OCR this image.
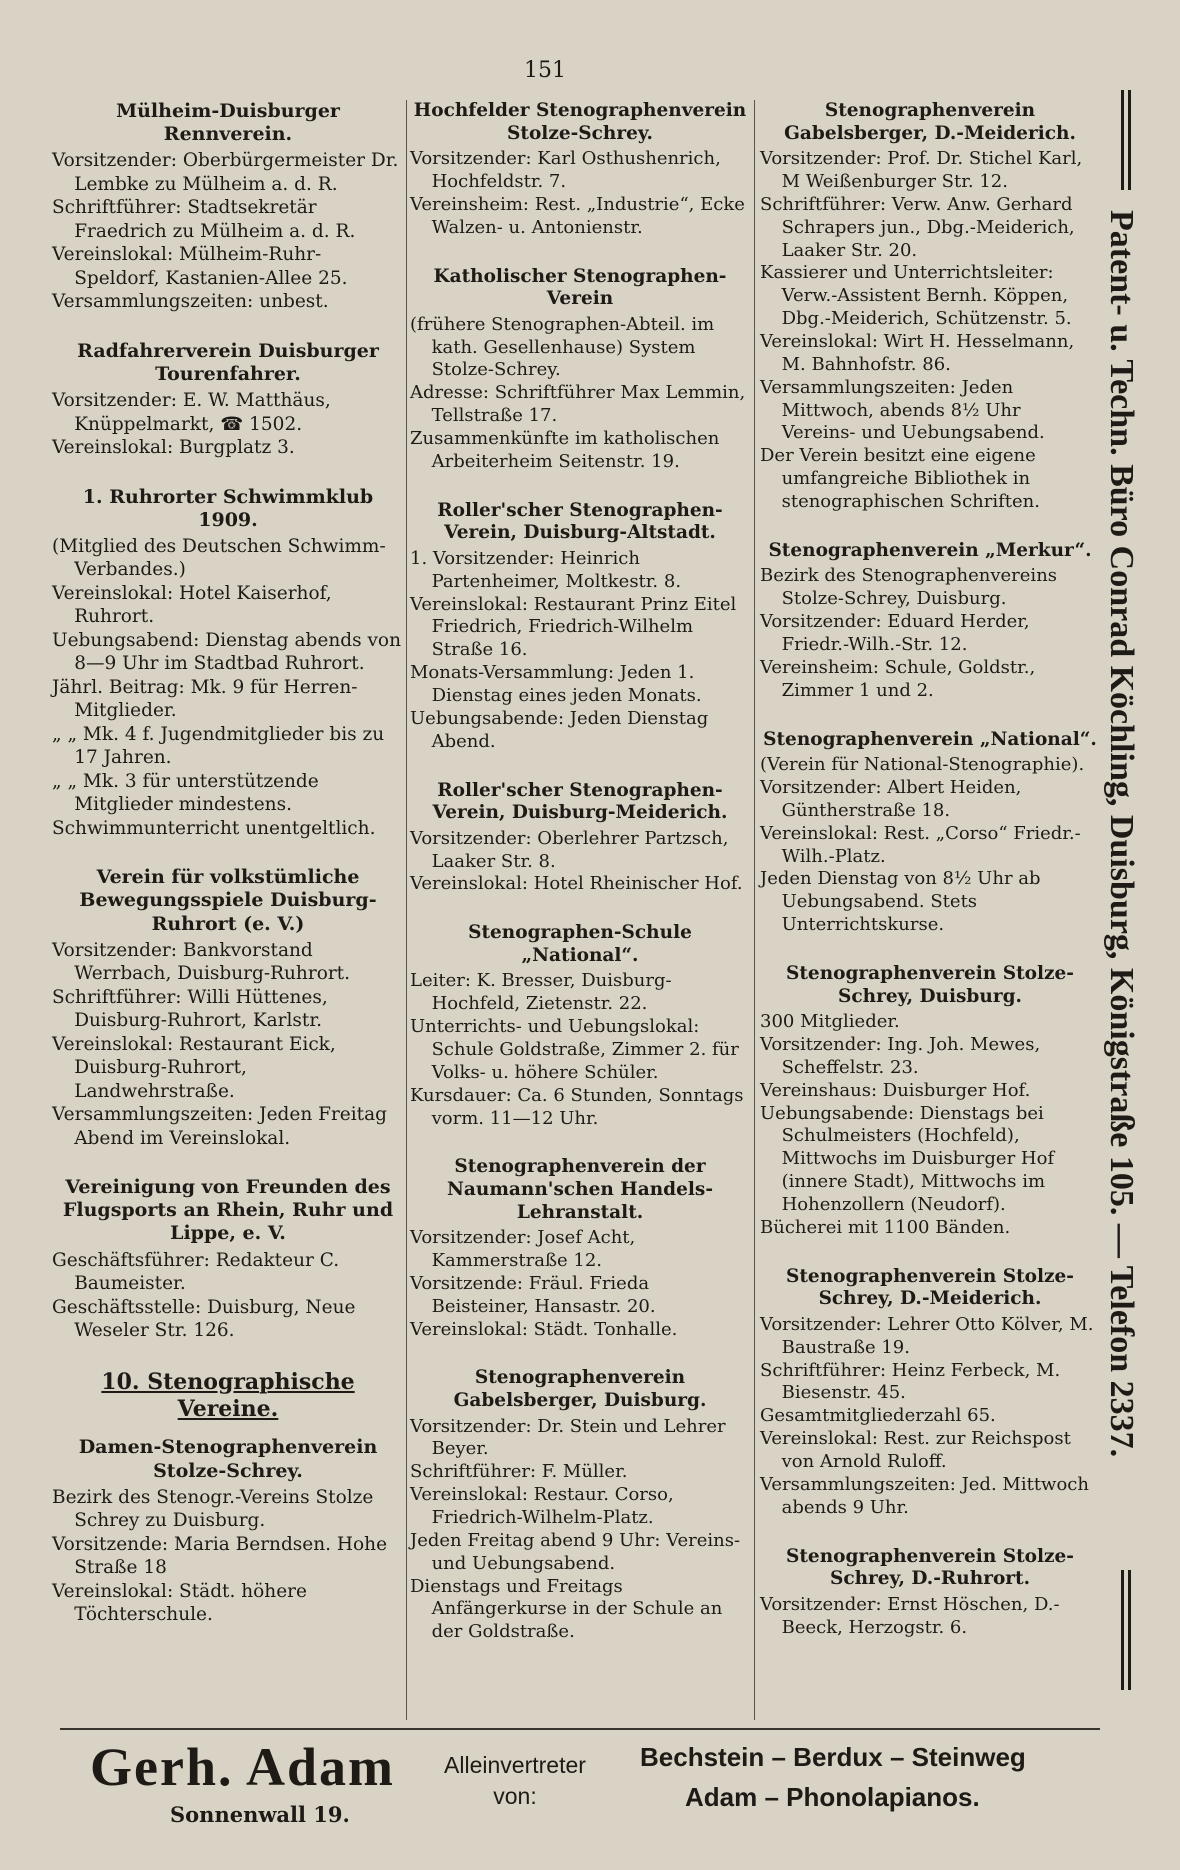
151
Mülheim-Duisburger Rennverein.
Vorsitzender: Oberbürgermeister Dr. Lembke zu Mülheim a. d. R.
Schriftführer: Stadtsekretär Fraedrich zu Mülheim a. d. R.
Vereinslokal: Mülheim-Ruhr-Speldorf, Kastanien-Allee 25.
Versammlungszeiten: unbest.
Radfahrerverein Duisburger Tourenfahrer.
Vorsitzender: E. W. Matthäus, Knüppelmarkt, ☎ 1502.
Vereinslokal: Burgplatz 3.
1. Ruhrorter Schwimmklub 1909.
(Mitglied des Deutschen Schwimm-Verbandes.)
Vereinslokal: Hotel Kaiserhof, Ruhrort.
Uebungsabend: Dienstag abends von 8—9 Uhr im Stadtbad Ruhrort.
Jährl. Beitrag: Mk. 9 für Herren-Mitglieder.
„ „ Mk. 4 f. Jugendmitglieder bis zu 17 Jahren.
„ „ Mk. 3 für unterstützende Mitglieder mindestens.
Schwimmunterricht unentgeltlich.
Verein für volkstümliche Bewegungsspiele Duisburg-Ruhrort (e. V.)
Vorsitzender: Bankvorstand Werrbach, Duisburg-Ruhrort.
Schriftführer: Willi Hüttenes, Duisburg-Ruhrort, Karlstr.
Vereinslokal: Restaurant Eick, Duisburg-Ruhrort, Landwehrstraße.
Versammlungszeiten: Jeden Freitag Abend im Vereinslokal.
Vereinigung von Freunden des Flugsports an Rhein, Ruhr und Lippe, e. V.
Geschäftsführer: Redakteur C. Baumeister.
Geschäftsstelle: Duisburg, Neue Weseler Str. 126.
10. Stenographische Vereine.
Damen-Stenographenverein Stolze-Schrey.
Bezirk des Stenogr.-Vereins Stolze Schrey zu Duisburg.
Vorsitzende: Maria Berndsen. Hohe Straße 18
Vereinslokal: Städt. höhere Töchterschule.
Hochfelder Stenographenverein Stolze-Schrey.
Vorsitzender: Karl Osthushenrich, Hochfeldstr. 7.
Vereinsheim: Rest. „Industrie“, Ecke Walzen- u. Antonienstr.
Katholischer Stenographen-Verein
(frühere Stenographen-Abteil. im kath. Gesellenhause) System Stolze-Schrey.
Adresse: Schriftführer Max Lemmin, Tellstraße 17.
Zusammenkünfte im katholischen Arbeiterheim Seitenstr. 19.
Roller'scher Stenographen-Verein, Duisburg-Altstadt.
1. Vorsitzender: Heinrich Partenheimer, Moltkestr. 8.
Vereinslokal: Restaurant Prinz Eitel Friedrich, Friedrich-Wilhelm Straße 16.
Monats-Versammlung: Jeden 1. Dienstag eines jeden Monats.
Uebungsabende: Jeden Dienstag Abend.
Roller'scher Stenographen-Verein, Duisburg-Meiderich.
Vorsitzender: Oberlehrer Partzsch, Laaker Str. 8.
Vereinslokal: Hotel Rheinischer Hof.
Stenographen-Schule „National“.
Leiter: K. Bresser, Duisburg-Hochfeld, Zietenstr. 22.
Unterrichts- und Uebungslokal: Schule Goldstraße, Zimmer 2. für Volks- u. höhere Schüler.
Kursdauer: Ca. 6 Stunden, Sonntags vorm. 11—12 Uhr.
Stenographenverein der Naumann'schen Handels-Lehranstalt.
Vorsitzender: Josef Acht, Kammerstraße 12.
Vorsitzende: Fräul. Frieda Beisteiner, Hansastr. 20.
Vereinslokal: Städt. Tonhalle.
Stenographenverein Gabelsberger, Duisburg.
Vorsitzender: Dr. Stein und Lehrer Beyer.
Schriftführer: F. Müller.
Vereinslokal: Restaur. Corso, Friedrich-Wilhelm-Platz.
Jeden Freitag abend 9 Uhr: Vereins- und Uebungsabend.
Dienstags und Freitags Anfängerkurse in der Schule an der Goldstraße.
Stenographenverein Gabelsberger, D.-Meiderich.
Vorsitzender: Prof. Dr. Stichel Karl, M Weißenburger Str. 12.
Schriftführer: Verw. Anw. Gerhard Schrapers jun., Dbg.-Meiderich, Laaker Str. 20.
Kassierer und Unterrichtsleiter: Verw.-Assistent Bernh. Köppen, Dbg.-Meiderich, Schützenstr. 5.
Vereinslokal: Wirt H. Hesselmann, M. Bahnhofstr. 86.
Versammlungszeiten: Jeden Mittwoch, abends 8½ Uhr Vereins- und Uebungsabend.
Der Verein besitzt eine eigene umfangreiche Bibliothek in stenographischen Schriften.
Stenographenverein „Merkur“.
Bezirk des Stenographenvereins Stolze-Schrey, Duisburg.
Vorsitzender: Eduard Herder, Friedr.-Wilh.-Str. 12.
Vereinsheim: Schule, Goldstr., Zimmer 1 und 2.
Stenographenverein „National“.
(Verein für National-Stenographie).
Vorsitzender: Albert Heiden, Güntherstraße 18.
Vereinslokal: Rest. „Corso“ Friedr.-Wilh.-Platz.
Jeden Dienstag von 8½ Uhr ab Uebungsabend. Stets Unterrichtskurse.
Stenographenverein Stolze-Schrey, Duisburg.
300 Mitglieder.
Vorsitzender: Ing. Joh. Mewes, Scheffelstr. 23.
Vereinshaus: Duisburger Hof.
Uebungsabende: Dienstags bei Schulmeisters (Hochfeld), Mittwochs im Duisburger Hof (innere Stadt), Mittwochs im Hohenzollern (Neudorf).
Bücherei mit 1100 Bänden.
Stenographenverein Stolze-Schrey, D.-Meiderich.
Vorsitzender: Lehrer Otto Kölver, M. Baustraße 19.
Schriftführer: Heinz Ferbeck, M. Biesenstr. 45.
Gesamtmitgliederzahl 65.
Vereinslokal: Rest. zur Reichspost von Arnold Ruloff.
Versammlungszeiten: Jed. Mittwoch abends 9 Uhr.
Stenographenverein Stolze-Schrey, D.-Ruhrort.
Vorsitzender: Ernst Höschen, D.-Beeck, Herzogstr. 6.
Patent- u. Techn. Büro Conrad Köchling, Duisburg, Königstraße 105. — Telefon 2337.
Gerh. Adam
Sonnenwall 19.
Alleinvertreter von:
Bechstein – Berdux – Steinweg
Adam – Phonolapianos.
